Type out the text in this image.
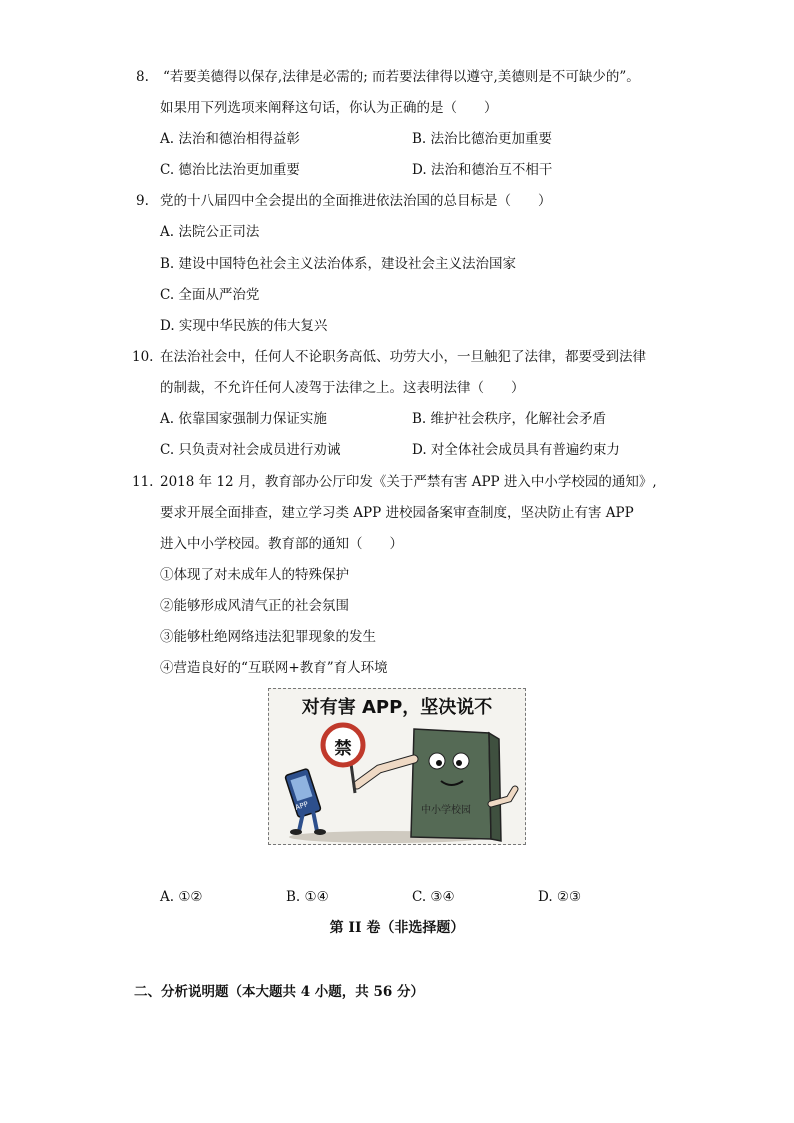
8. “若要美德得以保存,法律是必需的; 而若要法律得以遵守,美德则是不可缺少的”。
如果用下列选项来阐释这句话，你认为正确的是（　　）
A. 法治和德治相得益彰	B. 法治比德治更加重要
C. 德治比法治更加重要	D. 法治和德治互不相干
9. 党的十八届四中全会提出的全面推进依法治国的总目标是（　　）
A. 法院公正司法
B. 建设中国特色社会主义法治体系，建设社会主义法治国家
C. 全面从严治党
D. 实现中华民族的伟大复兴
10. 在法治社会中，任何人不论职务高低、功劳大小，一旦触犯了法律，都要受到法律
的制裁，不允许任何人凌驾于法律之上。这表明法律（　　）
A. 依靠国家强制力保证实施	B. 维护社会秩序，化解社会矛盾
C. 只负责对社会成员进行劝诫	D. 对全体社会成员具有普遍约束力
11. 2018 年 12 月，教育部办公厅印发《关于严禁有害 APP 进入中小学校园的通知》,
要求开展全面排查，建立学习类 APP 进校园备案审查制度，坚决防止有害 APP
进入中小学校园。教育部的通知（　　）
①体现了对未成年人的特殊保护
②能够形成风清气正的社会氛围
③能够杜绝网络违法犯罪现象的发生
④营造良好的“互联网+教育”育人环境
对有害 APP，坚决说不
禁
APP	中小学校园
A. ①②	B. ①④	C. ③④	D. ②③
第 II 卷（非选择题）
二、分析说明题（本大题共 4 小题，共 56 分）
